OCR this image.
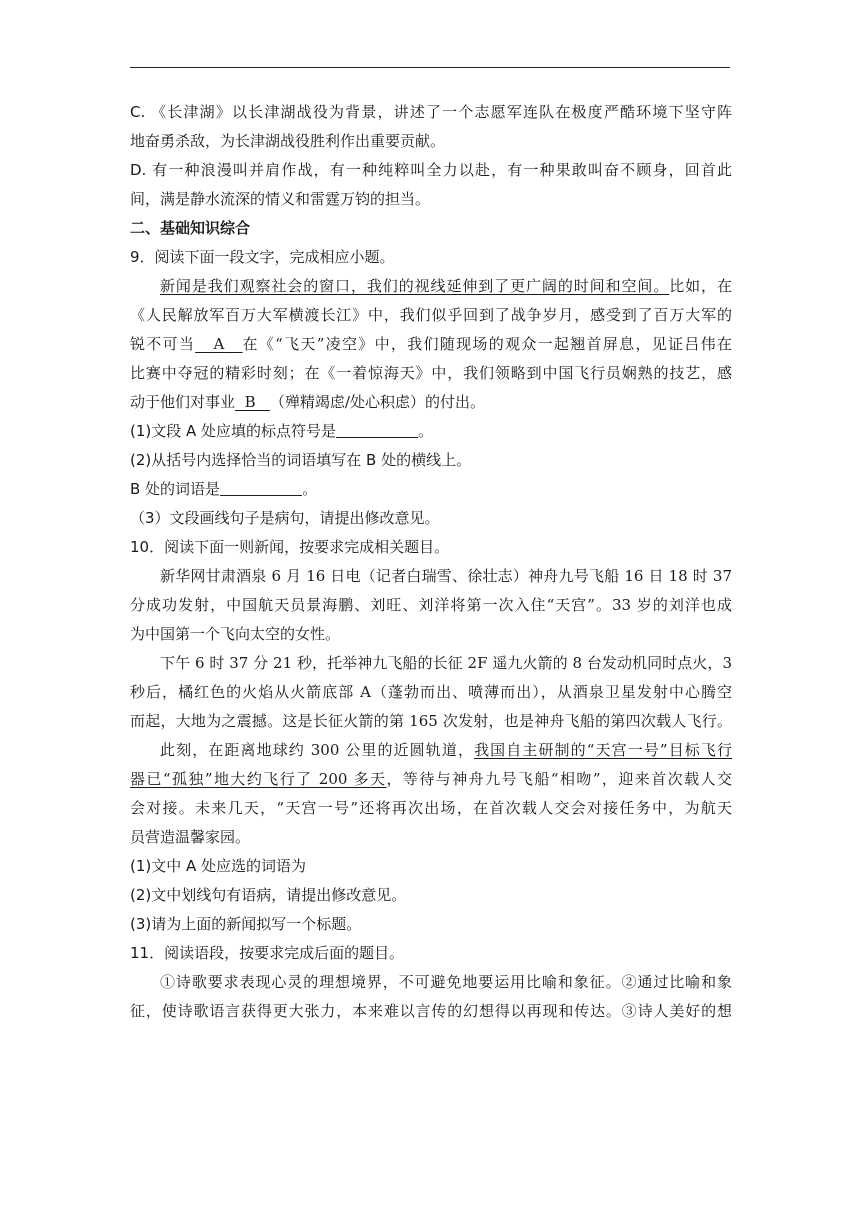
C. 《长津湖》以长津湖战役为背景，讲述了一个志愿军连队在极度严酷环境下坚守阵
地奋勇杀敌，为长津湖战役胜利作出重要贡献。
D. 有一种浪漫叫并肩作战，有一种纯粹叫全力以赴，有一种果敢叫奋不顾身，回首此
间，满是静水流深的情义和雷霆万钧的担当。
二、基础知识综合
9．阅读下面一段文字，完成相应小题。
新闻是我们观察社会的窗口，我们的视线延伸到了更广阔的时间和空间。比如，在
《人民解放军百万大军横渡长江》中，我们似乎回到了战争岁月，感受到了百万大军的
锐不可当 A 在《“飞天”凌空》中，我们随现场的观众一起翘首屏息，见证吕伟在
比赛中夺冠的精彩时刻；在《一着惊海天》中，我们领略到中国飞行员娴熟的技艺，感
动于他们对事业 B （殚精竭虑/处心积虑）的付出。
(1)文段 A 处应填的标点符号是	。
(2)从括号内选择恰当的词语填写在 B 处的横线上。
B 处的词语是	。
（3）文段画线句子是病句，请提出修改意见。
10．阅读下面一则新闻，按要求完成相关题目。
新华网甘肃酒泉 6 月 16 日电（记者白瑞雪、徐壮志）神舟九号飞船 16 日 18 时 37
分成功发射，中国航天员景海鹏、刘旺、刘洋将第一次入住“天宫”。33 岁的刘洋也成
为中国第一个飞向太空的女性。
下午 6 时 37 分 21 秒，托举神九飞船的长征 2F 遥九火箭的 8 台发动机同时点火，3
秒后，橘红色的火焰从火箭底部 A（蓬勃而出、喷薄而出），从酒泉卫星发射中心腾空
而起，大地为之震撼。这是长征火箭的第 165 次发射，也是神舟飞船的第四次载人飞行。
此刻，在距离地球约 300 公里的近圆轨道，我国自主研制的“天宫一号”目标飞行
器已“孤独”地大约飞行了 200 多天，等待与神舟九号飞船“相吻”，迎来首次载人交
会对接。未来几天，“天宫一号”还将再次出场，在首次载人交会对接任务中，为航天
员营造温馨家园。
(1)文中 A 处应选的词语为
(2)文中划线句有语病，请提出修改意见。
(3)请为上面的新闻拟写一个标题。
11．阅读语段，按要求完成后面的题目。
①诗歌要求表现心灵的理想境界，不可避免地要运用比喻和象征。②通过比喻和象
征，使诗歌语言获得更大张力，本来难以言传的幻想得以再现和传达。③诗人美好的想
